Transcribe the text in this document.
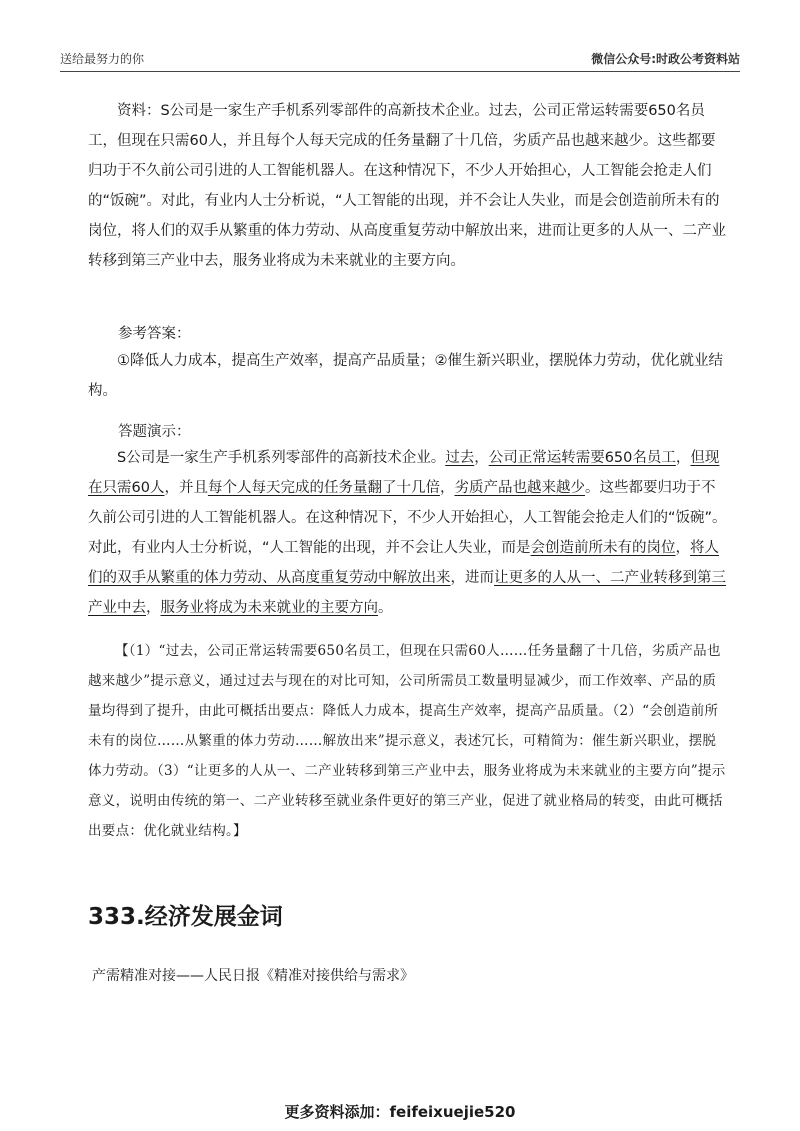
送给最努力的你	微信公众号:时政公考资料站
资料：S公司是一家生产手机系列零部件的高新技术企业。过去，公司正常运转需要650名员工，但现在只需60人，并且每个人每天完成的任务量翻了十几倍，劣质产品也越来越少。这些都要归功于不久前公司引进的人工智能机器人。在这种情况下，不少人开始担心，人工智能会抢走人们的“饭碗”。对此，有业内人士分析说，“人工智能的出现，并不会让人失业，而是会创造前所未有的岗位，将人们的双手从繁重的体力劳动、从高度重复劳动中解放出来，进而让更多的人从一、二产业转移到第三产业中去，服务业将成为未来就业的主要方向。
参考答案：
①降低人力成本，提高生产效率，提高产品质量；②催生新兴职业，摆脱体力劳动，优化就业结构。
答题演示：
S公司是一家生产手机系列零部件的高新技术企业。过去，公司正常运转需要650名员工，但现在只需60人，并且每个人每天完成的任务量翻了十几倍，劣质产品也越来越少。这些都要归功于不久前公司引进的人工智能机器人。在这种情况下，不少人开始担心，人工智能会抢走人们的“饭碗”。对此，有业内人士分析说，“人工智能的出现，并不会让人失业，而是会创造前所未有的岗位，将人们的双手从繁重的体力劳动、从高度重复劳动中解放出来，进而让更多的人从一、二产业转移到第三产业中去，服务业将成为未来就业的主要方向。
【（1）“过去，公司正常运转需要650名员工，但现在只需60人……任务量翻了十几倍，劣质产品也越来越少”提示意义，通过过去与现在的对比可知，公司所需员工数量明显减少，而工作效率、产品的质量均得到了提升，由此可概括出要点：降低人力成本，提高生产效率，提高产品质量。（2）“会创造前所未有的岗位……从繁重的体力劳动……解放出来”提示意义，表述冗长，可精简为：催生新兴职业，摆脱体力劳动。（3）“让更多的人从一、二产业转移到第三产业中去，服务业将成为未来就业的主要方向”提示意义，说明由传统的第一、二产业转移至就业条件更好的第三产业，促进了就业格局的转变，由此可概括出要点：优化就业结构。】
333.经济发展金词
产需精准对接——人民日报《精准对接供给与需求》
更多资料添加：feifeixuejie520
